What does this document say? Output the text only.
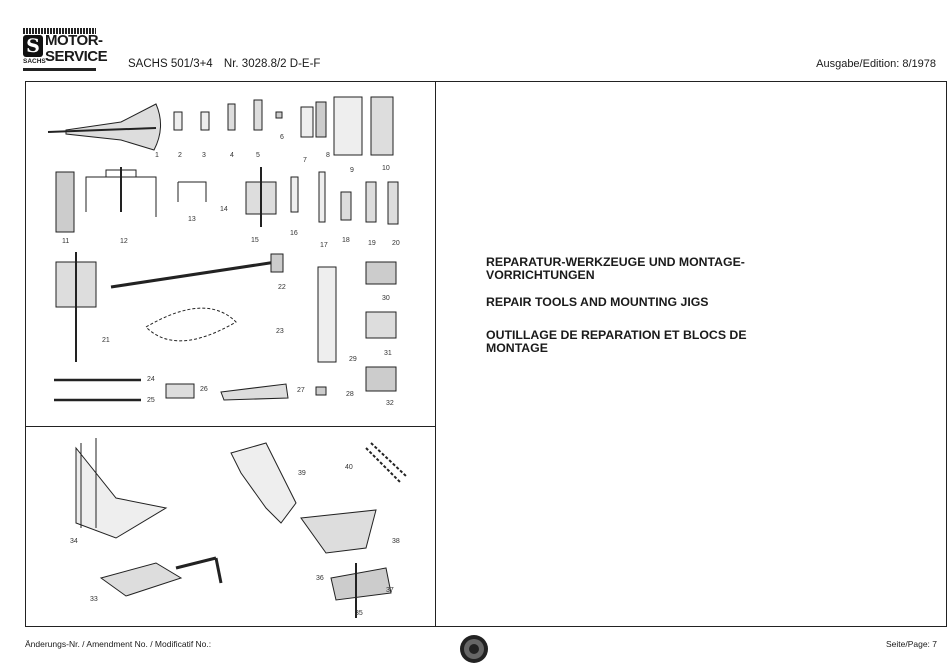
S MOTOR-
SERVICE
SACHS	SACHS 501/3+4 Nr. 3028.8/2 D-E-F	Ausgabe/Edition: 8/1978
1	2	3	4	5
6
7
8
9	10
11	12
13
14
15
16
17
18	19 20
21
22
23
24
25
26	27
28
29
30
31
32
34
33
39
40
38
36
37
35
REPARATUR-WERKZEUGE UND MONTAGE-VORRICHTUNGEN
REPAIR TOOLS AND MOUNTING JIGS
OUTILLAGE DE REPARATION ET BLOCS DE MONTAGE
Änderungs-Nr. / Amendment No. / Modificatif No.:	Seite/Page: 7
